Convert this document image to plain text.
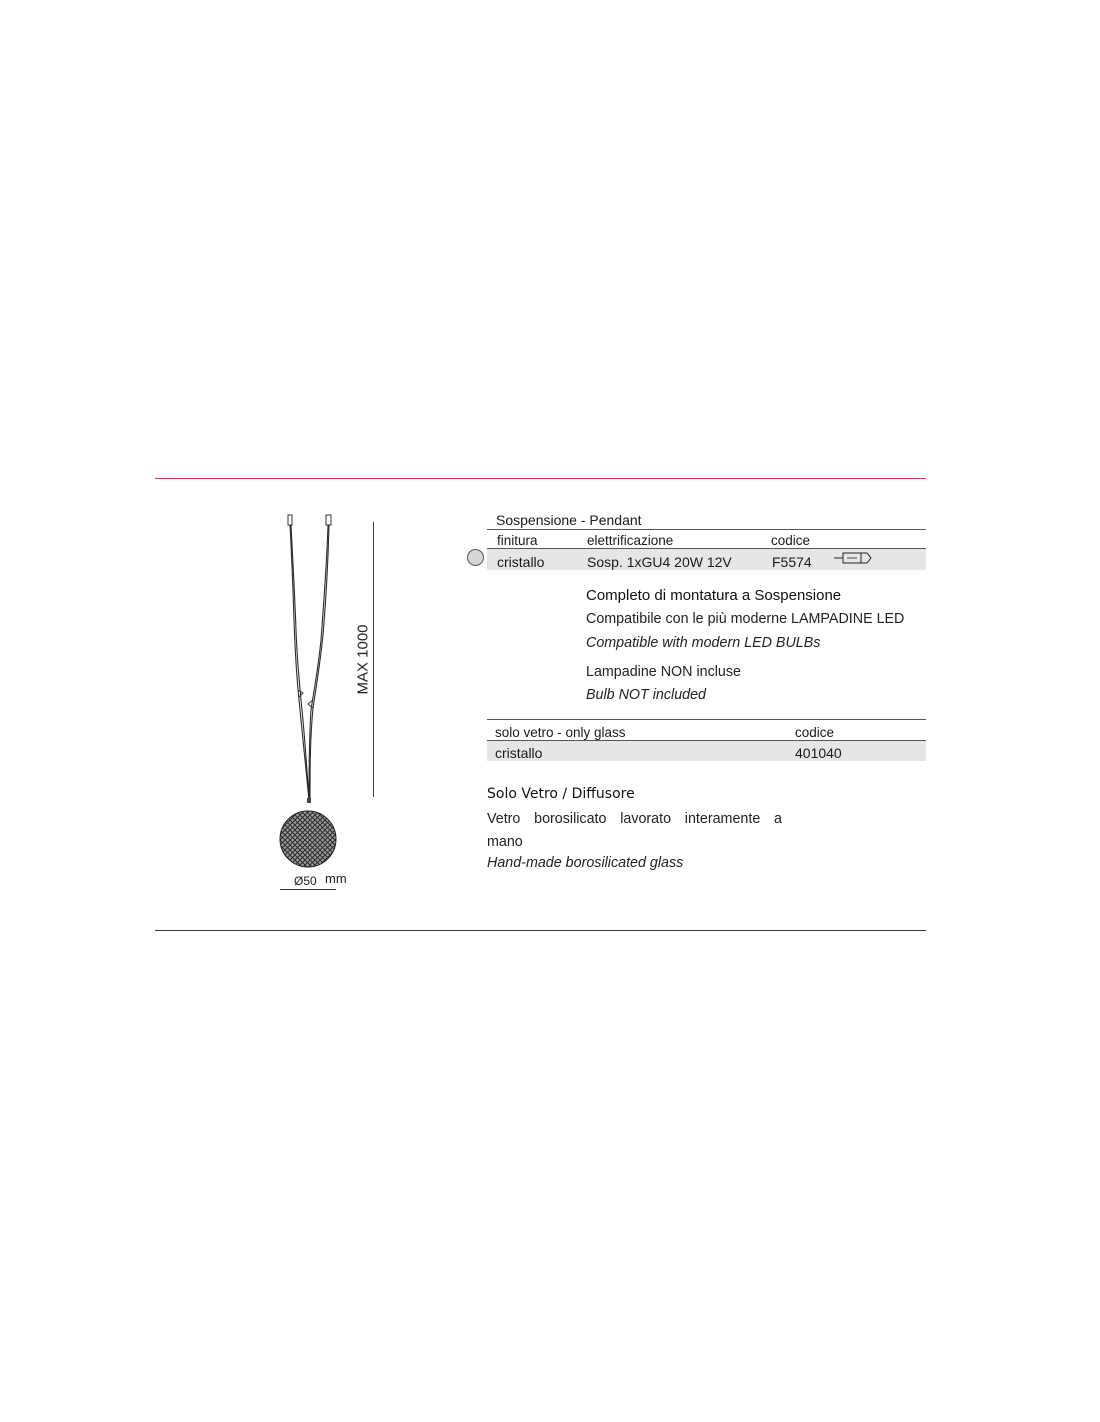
MAX 1000
Ø50 mm
Sospensione - Pendant
finitura	elettrificazione	codice
cristallo	Sosp. 1xGU4 20W 12V	F5574
Completo di montatura a Sospensione
Compatibile con le più moderne LAMPADINE LED
Compatible with modern LED BULBs
Lampadine NON incluse
Bulb NOT included
solo vetro - only glass	codice
cristallo	401040
Solo Vetro / Diffusore
Vetro borosilicato lavorato interamente a mano
Hand-made borosilicated glass
